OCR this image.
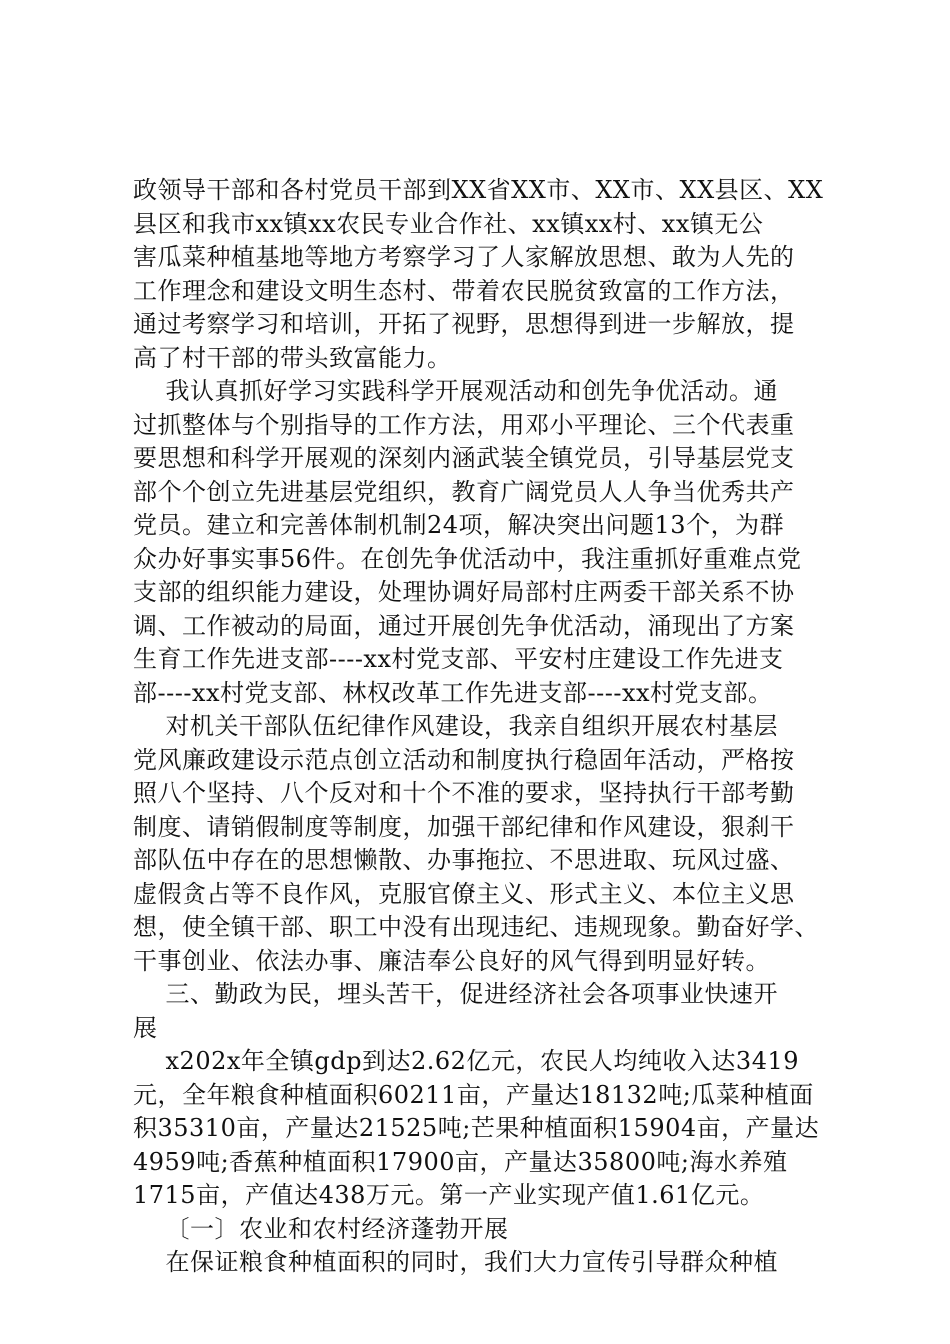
政领导干部和各村党员干部到XX省XX市、XX市、XX县区、XX
县区和我市xx镇xx农民专业合作社、xx镇xx村、xx镇无公
害瓜菜种植基地等地方考察学习了人家解放思想、敢为人先的
工作理念和建设文明生态村、带着农民脱贫致富的工作方法，
通过考察学习和培训，开拓了视野，思想得到进一步解放，提
高了村干部的带头致富能力。
我认真抓好学习实践科学开展观活动和创先争优活动。通
过抓整体与个别指导的工作方法，用邓小平理论、三个代表重
要思想和科学开展观的深刻内涵武装全镇党员，引导基层党支
部个个创立先进基层党组织，教育广阔党员人人争当优秀共产
党员。建立和完善体制机制24项，解决突出问题13个，为群
众办好事实事56件。在创先争优活动中，我注重抓好重难点党
支部的组织能力建设，处理协调好局部村庄两委干部关系不协
调、工作被动的局面，通过开展创先争优活动，涌现出了方案
生育工作先进支部----xx村党支部、平安村庄建设工作先进支
部----xx村党支部、林权改革工作先进支部----xx村党支部。
对机关干部队伍纪律作风建设，我亲自组织开展农村基层
党风廉政建设示范点创立活动和制度执行稳固年活动，严格按
照八个坚持、八个反对和十个不准的要求，坚持执行干部考勤
制度、请销假制度等制度，加强干部纪律和作风建设，狠刹干
部队伍中存在的思想懒散、办事拖拉、不思进取、玩风过盛、
虚假贪占等不良作风，克服官僚主义、形式主义、本位主义思
想，使全镇干部、职工中没有出现违纪、违规现象。勤奋好学、
干事创业、依法办事、廉洁奉公良好的风气得到明显好转。
三、勤政为民，埋头苦干，促进经济社会各项事业快速开
展
x202x年全镇gdp到达2.62亿元，农民人均纯收入达3419
元，全年粮食种植面积60211亩，产量达18132吨;瓜菜种植面
积35310亩，产量达21525吨;芒果种植面积15904亩，产量达
4959吨;香蕉种植面积17900亩，产量达35800吨;海水养殖
1715亩，产值达438万元。第一产业实现产值1.61亿元。
〔一〕农业和农村经济蓬勃开展
在保证粮食种植面积的同时，我们大力宣传引导群众种植
